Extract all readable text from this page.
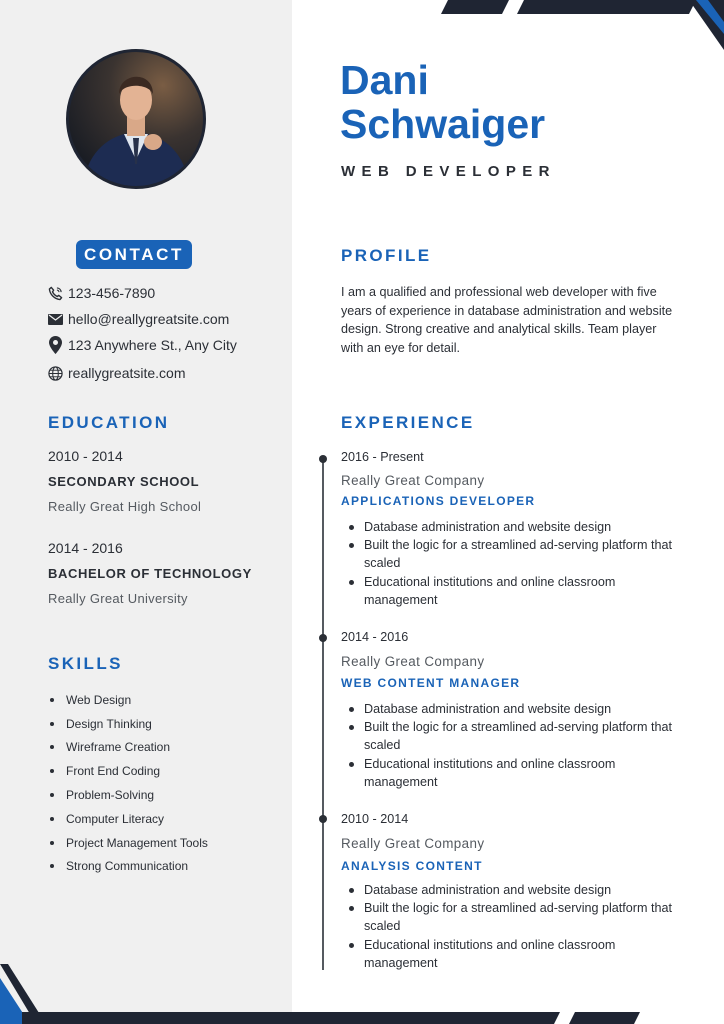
Dani
Schwaiger
WEB DEVELOPER
CONTACT
123-456-7890
hello@reallygreatsite.com
123 Anywhere St., Any City
reallygreatsite.com
EDUCATION
2010 - 2014
SECONDARY SCHOOL
Really Great High School
2014 - 2016
BACHELOR OF TECHNOLOGY
Really Great University
SKILLS
Web Design
Design Thinking
Wireframe Creation
Front End Coding
Problem-Solving
Computer Literacy
Project Management Tools
Strong Communication
PROFILE
I am a qualified and professional web developer with five years of experience in database administration and website design. Strong creative and analytical skills. Team player with an eye for detail.
EXPERIENCE
2016 - Present
Really Great Company
APPLICATIONS DEVELOPER
Database administration and website design
Built the logic for a streamlined ad-serving platform that scaled
Educational institutions and online classroom management
2014 - 2016
Really Great Company
WEB CONTENT MANAGER
Database administration and website design
Built the logic for a streamlined ad-serving platform that scaled
Educational institutions and online classroom management
2010 - 2014
Really Great Company
ANALYSIS CONTENT
Database administration and website design
Built the logic for a streamlined ad-serving platform that scaled
Educational institutions and online classroom management
